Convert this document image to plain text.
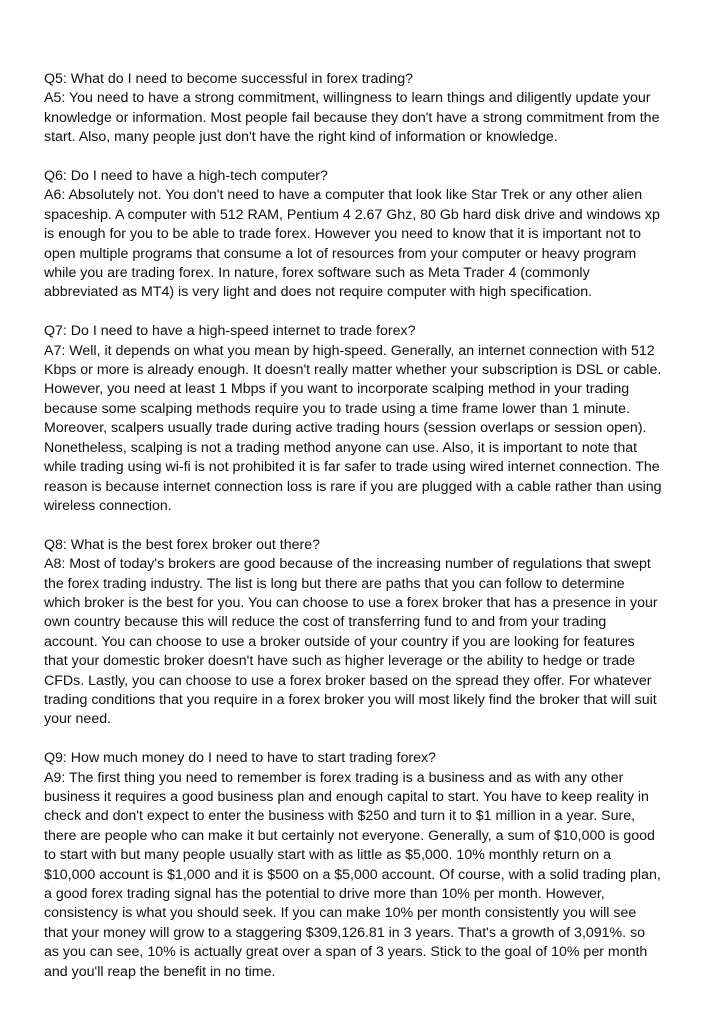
Q5: What do I need to become successful in forex trading?
A5: You need to have a strong commitment, willingness to learn things and diligently update your
knowledge or information. Most people fail because they don't have a strong commitment from the
start. Also, many people just don't have the right kind of information or knowledge.
Q6: Do I need to have a high-tech computer?
A6: Absolutely not. You don't need to have a computer that look like Star Trek or any other alien
spaceship. A computer with 512 RAM, Pentium 4 2.67 Ghz, 80 Gb hard disk drive and windows xp
is enough for you to be able to trade forex. However you need to know that it is important not to
open multiple programs that consume a lot of resources from your computer or heavy program
while you are trading forex. In nature, forex software such as Meta Trader 4 (commonly
abbreviated as MT4) is very light and does not require computer with high specification.
Q7: Do I need to have a high-speed internet to trade forex?
A7: Well, it depends on what you mean by high-speed. Generally, an internet connection with 512
Kbps or more is already enough. It doesn't really matter whether your subscription is DSL or cable.
However, you need at least 1 Mbps if you want to incorporate scalping method in your trading
because some scalping methods require you to trade using a time frame lower than 1 minute.
Moreover, scalpers usually trade during active trading hours (session overlaps or session open).
Nonetheless, scalping is not a trading method anyone can use. Also, it is important to note that
while trading using wi-fi is not prohibited it is far safer to trade using wired internet connection. The
reason is because internet connection loss is rare if you are plugged with a cable rather than using
wireless connection.
Q8: What is the best forex broker out there?
A8: Most of today's brokers are good because of the increasing number of regulations that swept
the forex trading industry. The list is long but there are paths that you can follow to determine
which broker is the best for you. You can choose to use a forex broker that has a presence in your
own country because this will reduce the cost of transferring fund to and from your trading
account. You can choose to use a broker outside of your country if you are looking for features
that your domestic broker doesn't have such as higher leverage or the ability to hedge or trade
CFDs. Lastly, you can choose to use a forex broker based on the spread they offer. For whatever
trading conditions that you require in a forex broker you will most likely find the broker that will suit
your need.
Q9: How much money do I need to have to start trading forex?
A9: The first thing you need to remember is forex trading is a business and as with any other
business it requires a good business plan and enough capital to start. You have to keep reality in
check and don't expect to enter the business with $250 and turn it to $1 million in a year. Sure,
there are people who can make it but certainly not everyone. Generally, a sum of $10,000 is good
to start with but many people usually start with as little as $5,000. 10% monthly return on a
$10,000 account is $1,000 and it is $500 on a $5,000 account. Of course, with a solid trading plan,
a good forex trading signal has the potential to drive more than 10% per month. However,
consistency is what you should seek. If you can make 10% per month consistently you will see
that your money will grow to a staggering $309,126.81 in 3 years. That's a growth of 3,091%. so
as you can see, 10% is actually great over a span of 3 years. Stick to the goal of 10% per month
and you'll reap the benefit in no time.
